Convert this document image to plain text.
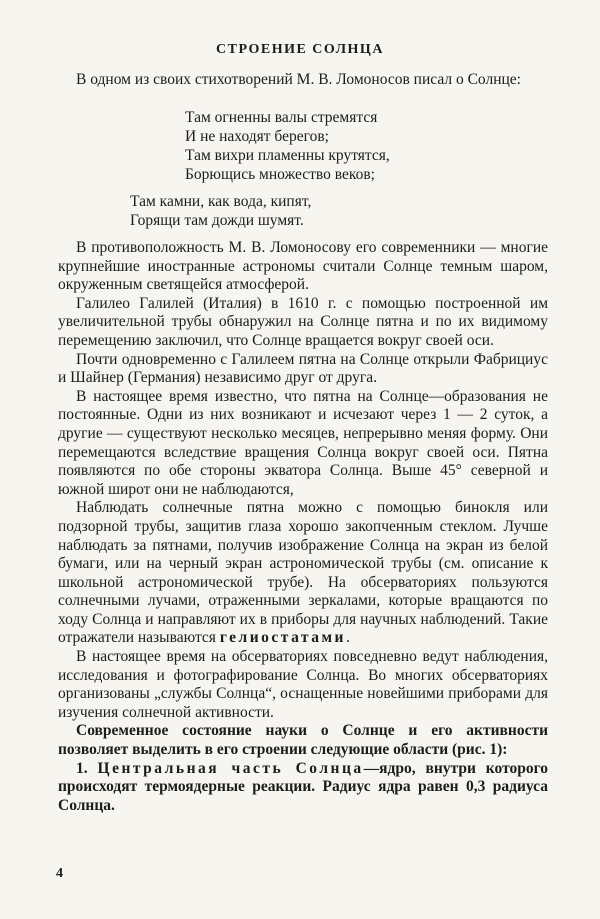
СТРОЕНИЕ СОЛНЦА

В одном из своих стихотворений М. В. Ломоносов писал о Солнце:

Там огненны валы стремятся
И не находят берегов;
Там вихри пламенны крутятся,
Борющись множество веков;
Там камни, как вода, кипят,
Горящи там дожди шумят.

В противоположность М. В. Ломоносову его современники — многие крупнейшие иностранные астрономы считали Солнце темным шаром, окруженным светящейся атмосферой.

Галилео Галилей (Италия) в 1610 г. с помощью построенной им увеличительной трубы обнаружил на Солнце пятна и по их видимому перемещению заключил, что Солнце вращается вокруг своей оси.

Почти одновременно с Галилеем пятна на Солнце открыли Фабрициус и Шайнер (Германия) независимо друг от друга.

В настоящее время известно, что пятна на Солнце—образования не постоянные. Одни из них возникают и исчезают через 1 — 2 суток, а другие — существуют несколько месяцев, непрерывно меняя форму. Они перемещаются вследствие вращения Солнца вокруг своей оси. Пятна появляются по обе стороны экватора Солнца. Выше 45° северной и южной широт они не наблюдаются,

Наблюдать солнечные пятна можно с помощью бинокля или подзорной трубы, защитив глаза хорошо закопченным стеклом. Лучше наблюдать за пятнами, получив изображение Солнца на экран из белой бумаги, или на черный экран астрономической трубы (см. описание к школьной астрономической трубе). На обсерваториях пользуются солнечными лучами, отраженными зеркалами, которые вращаются по ходу Солнца и направляют их в приборы для научных наблюдений. Такие отражатели называются гелиостатами.

В настоящее время на обсерваториях повседневно ведут наблюдения, исследования и фотографирование Солнца. Во многих обсерваториях организованы „службы Солнца“, оснащенные новейшими приборами для изучения солнечной активности.

Современное состояние науки о Солнце и его активности позволяет выделить в его строении следующие области (рис. 1):

1. Центральная часть Солнца—ядро, внутри которого происходят термоядерные реакции. Радиус ядра равен 0,3 радиуса Солнца.

4
